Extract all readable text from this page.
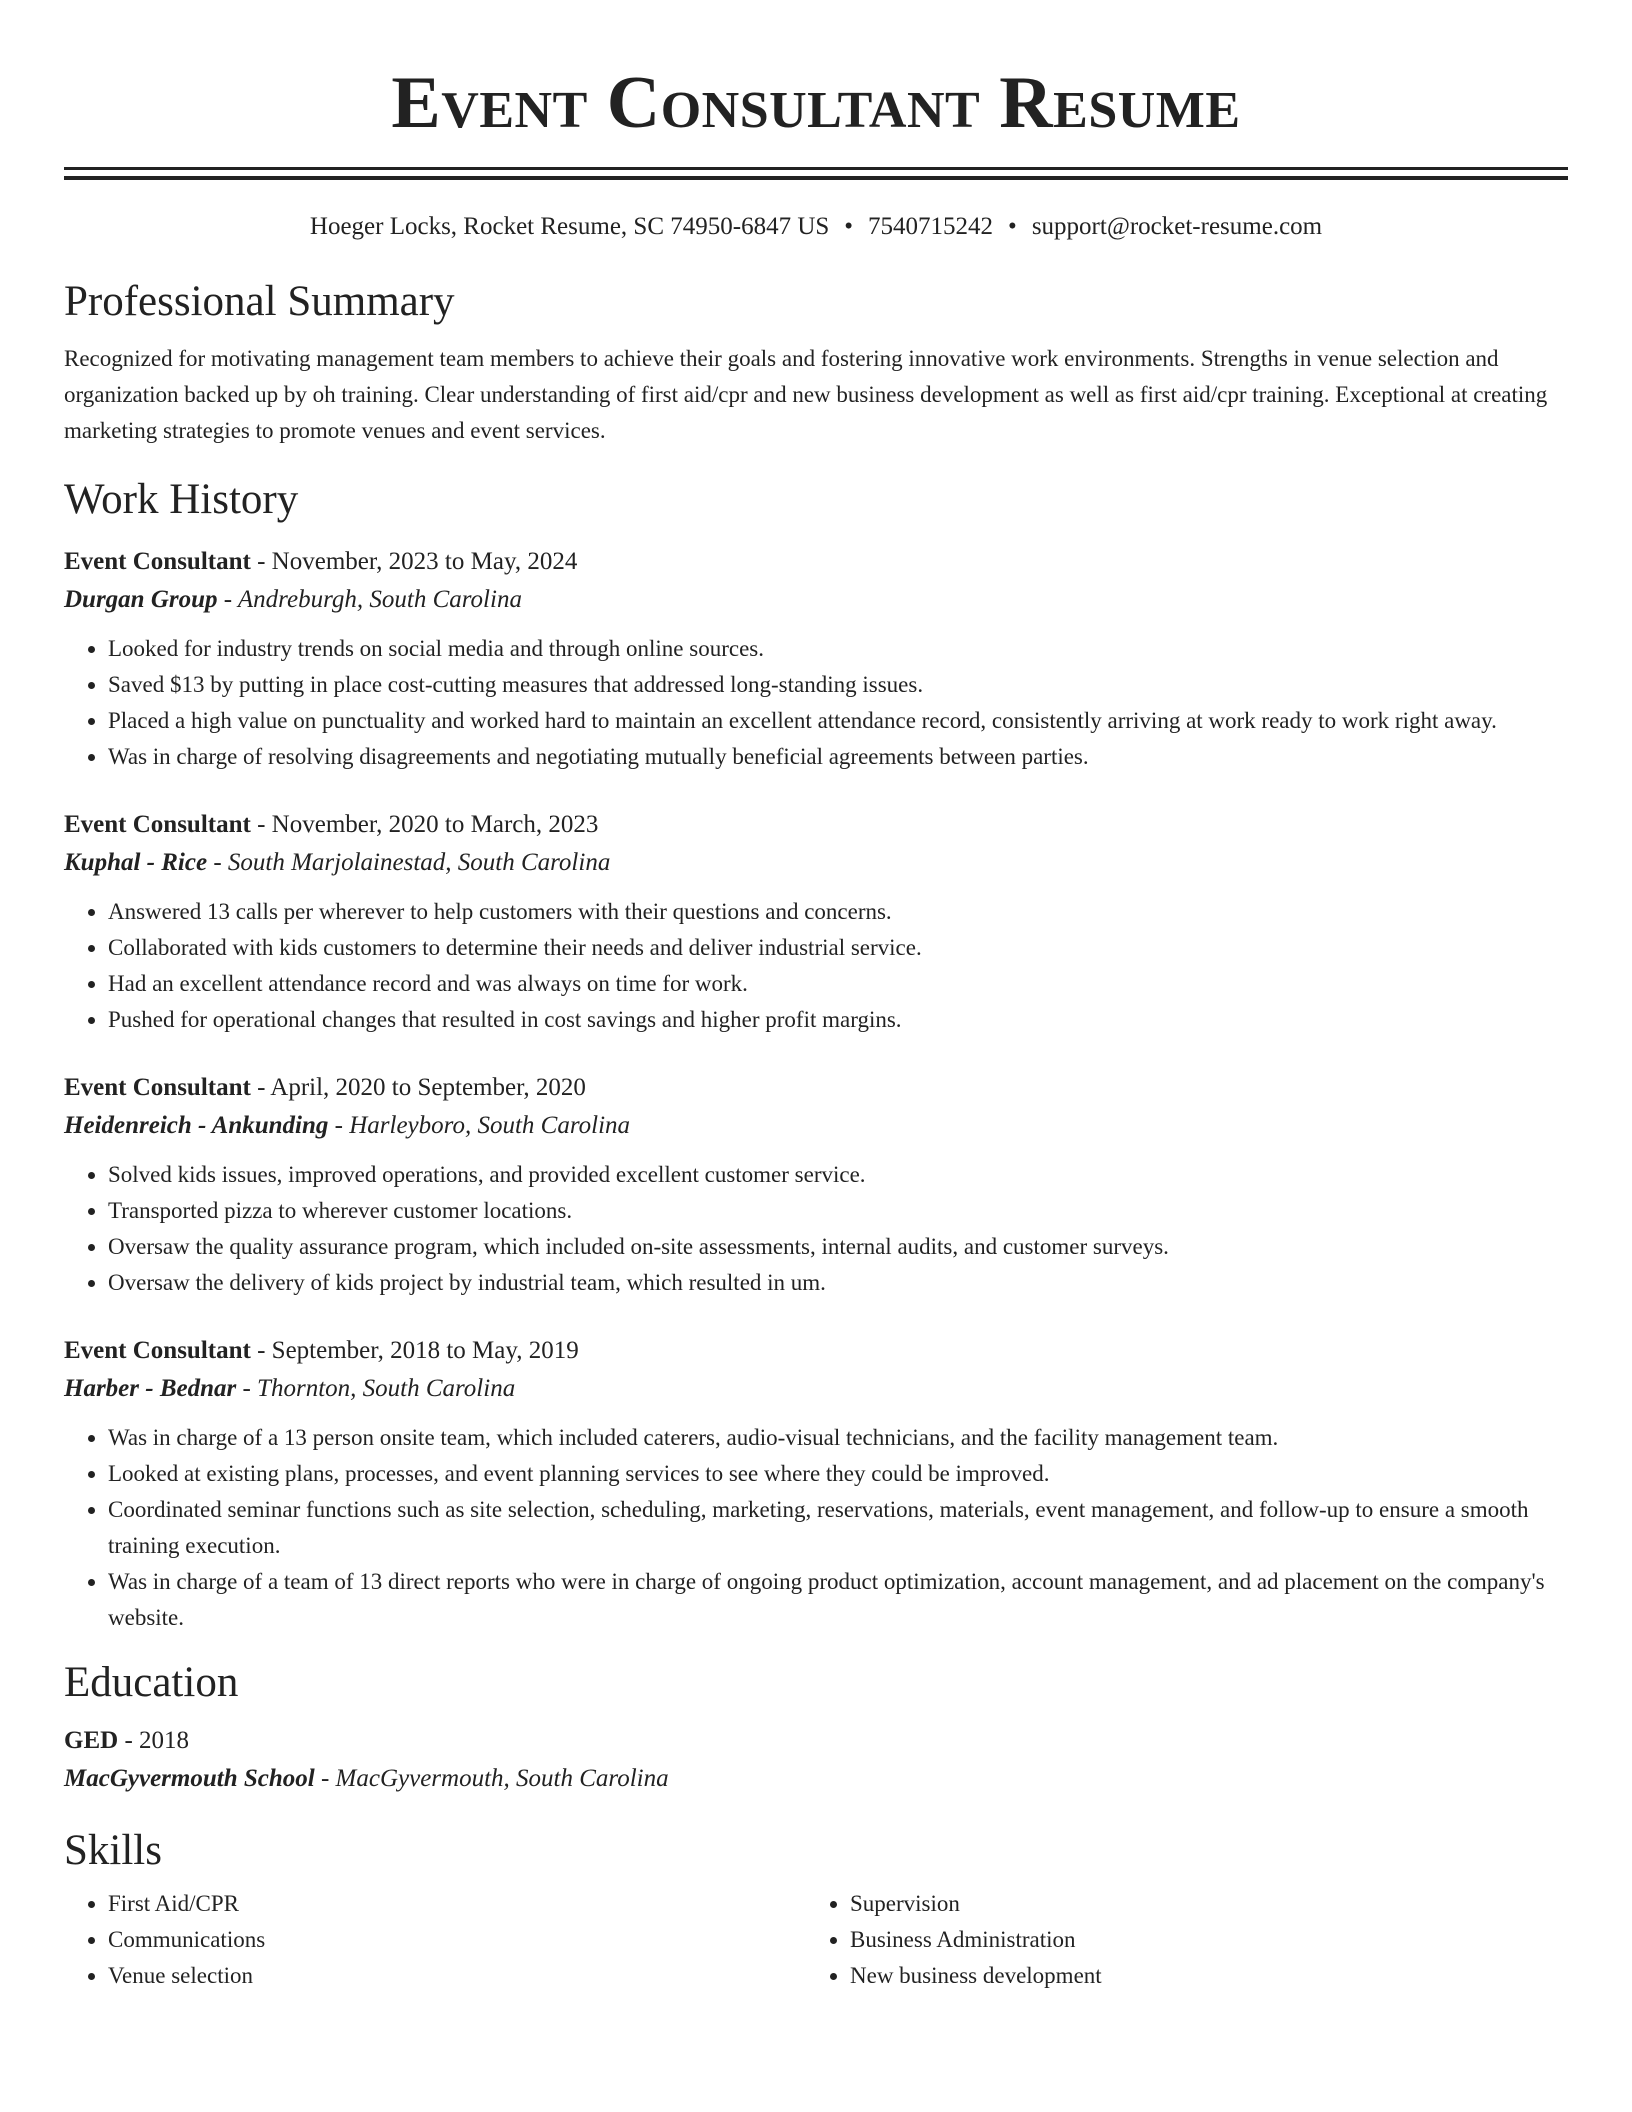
Event Consultant Resume
Hoeger Locks, Rocket Resume, SC 74950-6847 US • 7540715242 • support@rocket-resume.com
Professional Summary
Recognized for motivating management team members to achieve their goals and fostering innovative work environments. Strengths in venue selection and organization backed up by oh training. Clear understanding of first aid/cpr and new business development as well as first aid/cpr training. Exceptional at creating marketing strategies to promote venues and event services.
Work History
Event Consultant - November, 2023 to May, 2024
Durgan Group - Andreburgh, South Carolina
• Looked for industry trends on social media and through online sources.
• Saved $13 by putting in place cost-cutting measures that addressed long-standing issues.
• Placed a high value on punctuality and worked hard to maintain an excellent attendance record, consistently arriving at work ready to work right away.
• Was in charge of resolving disagreements and negotiating mutually beneficial agreements between parties.
Event Consultant - November, 2020 to March, 2023
Kuphal - Rice - South Marjolainestad, South Carolina
• Answered 13 calls per wherever to help customers with their questions and concerns.
• Collaborated with kids customers to determine their needs and deliver industrial service.
• Had an excellent attendance record and was always on time for work.
• Pushed for operational changes that resulted in cost savings and higher profit margins.
Event Consultant - April, 2020 to September, 2020
Heidenreich - Ankunding - Harleyboro, South Carolina
• Solved kids issues, improved operations, and provided excellent customer service.
• Transported pizza to wherever customer locations.
• Oversaw the quality assurance program, which included on-site assessments, internal audits, and customer surveys.
• Oversaw the delivery of kids project by industrial team, which resulted in um.
Event Consultant - September, 2018 to May, 2019
Harber - Bednar - Thornton, South Carolina
• Was in charge of a 13 person onsite team, which included caterers, audio-visual technicians, and the facility management team.
• Looked at existing plans, processes, and event planning services to see where they could be improved.
• Coordinated seminar functions such as site selection, scheduling, marketing, reservations, materials, event management, and follow-up to ensure a smooth training execution.
• Was in charge of a team of 13 direct reports who were in charge of ongoing product optimization, account management, and ad placement on the company's website.
Education
GED - 2018
MacGyvermouth School - MacGyvermouth, South Carolina
Skills
• First Aid/CPR
• Communications
• Venue selection
• Supervision
• Business Administration
• New business development
